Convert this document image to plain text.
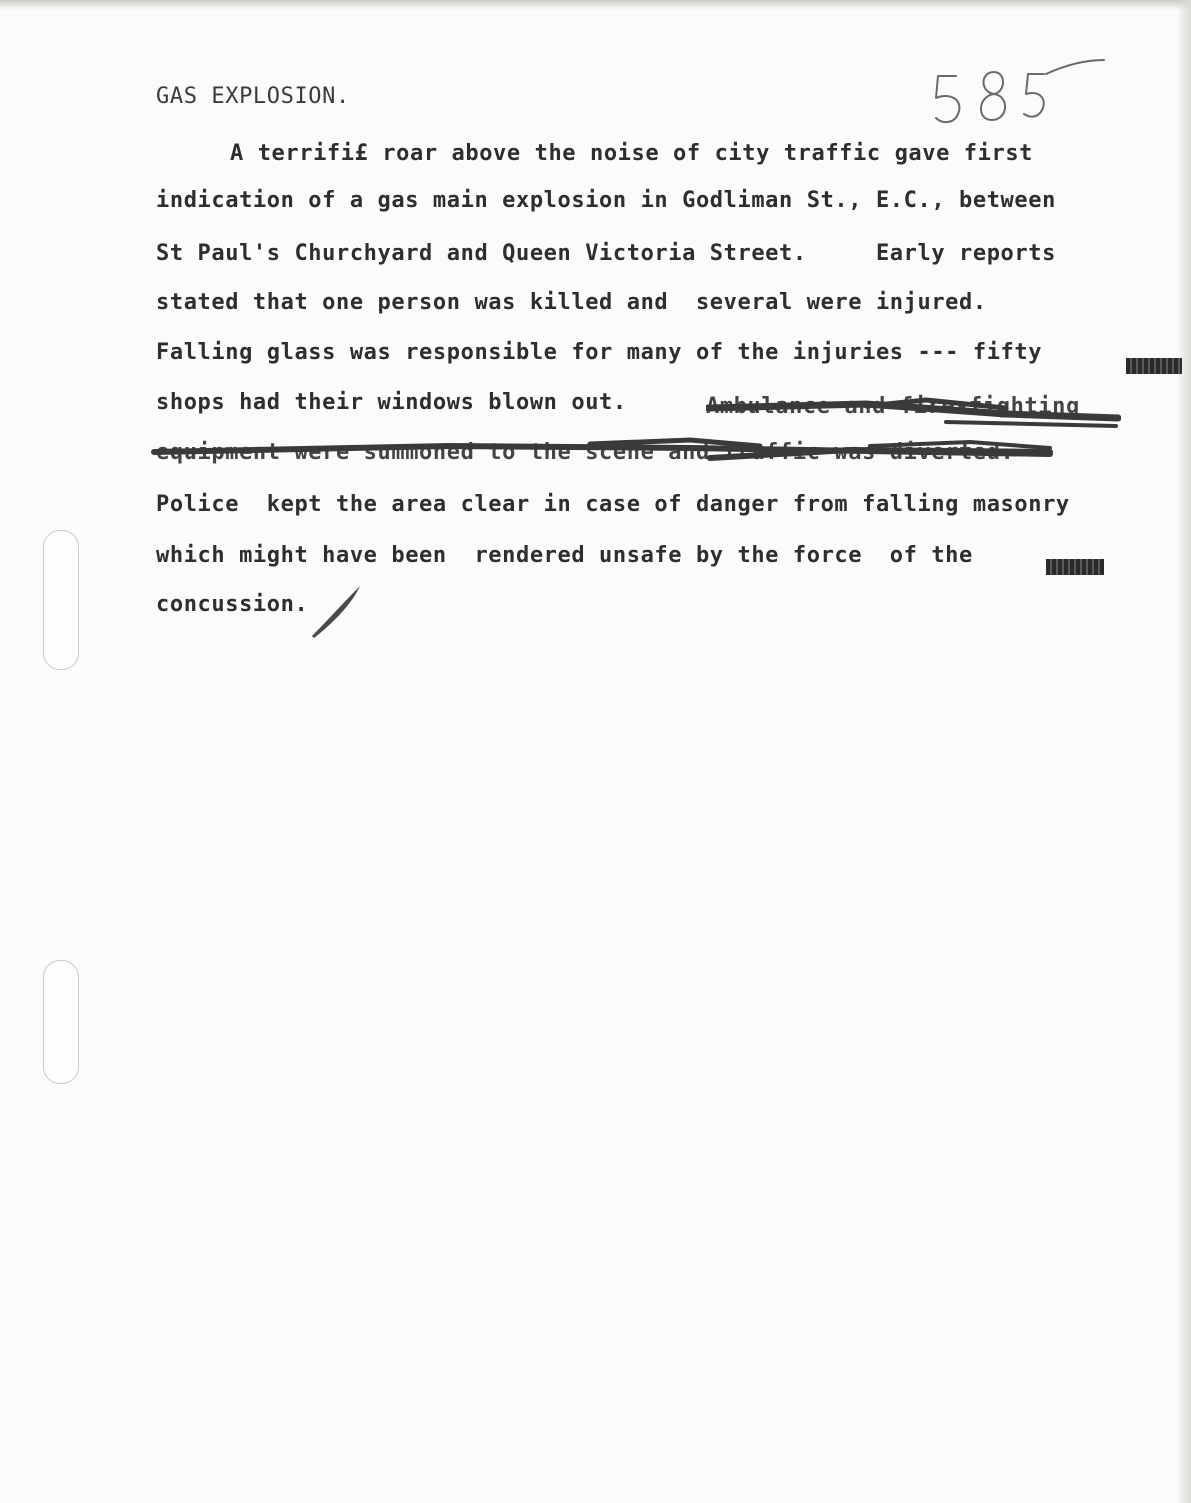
GAS EXPLOSION.
A terrifi£ roar above the noise of city traffic gave first
indication of a gas main explosion in Godliman St., E.C., between
St Paul's Churchyard and Queen Victoria Street.     Early reports
stated that one person was killed and  several were injured.
Falling glass was responsible for many of the injuries --- fifty
shops had their windows blown out.	Ambulance and fire-fighting
equipment were summoned to the scene and traffic was diverted.
Police  kept the area clear in case of danger from falling masonry
which might have been  rendered unsafe by the force  of the
concussion.
